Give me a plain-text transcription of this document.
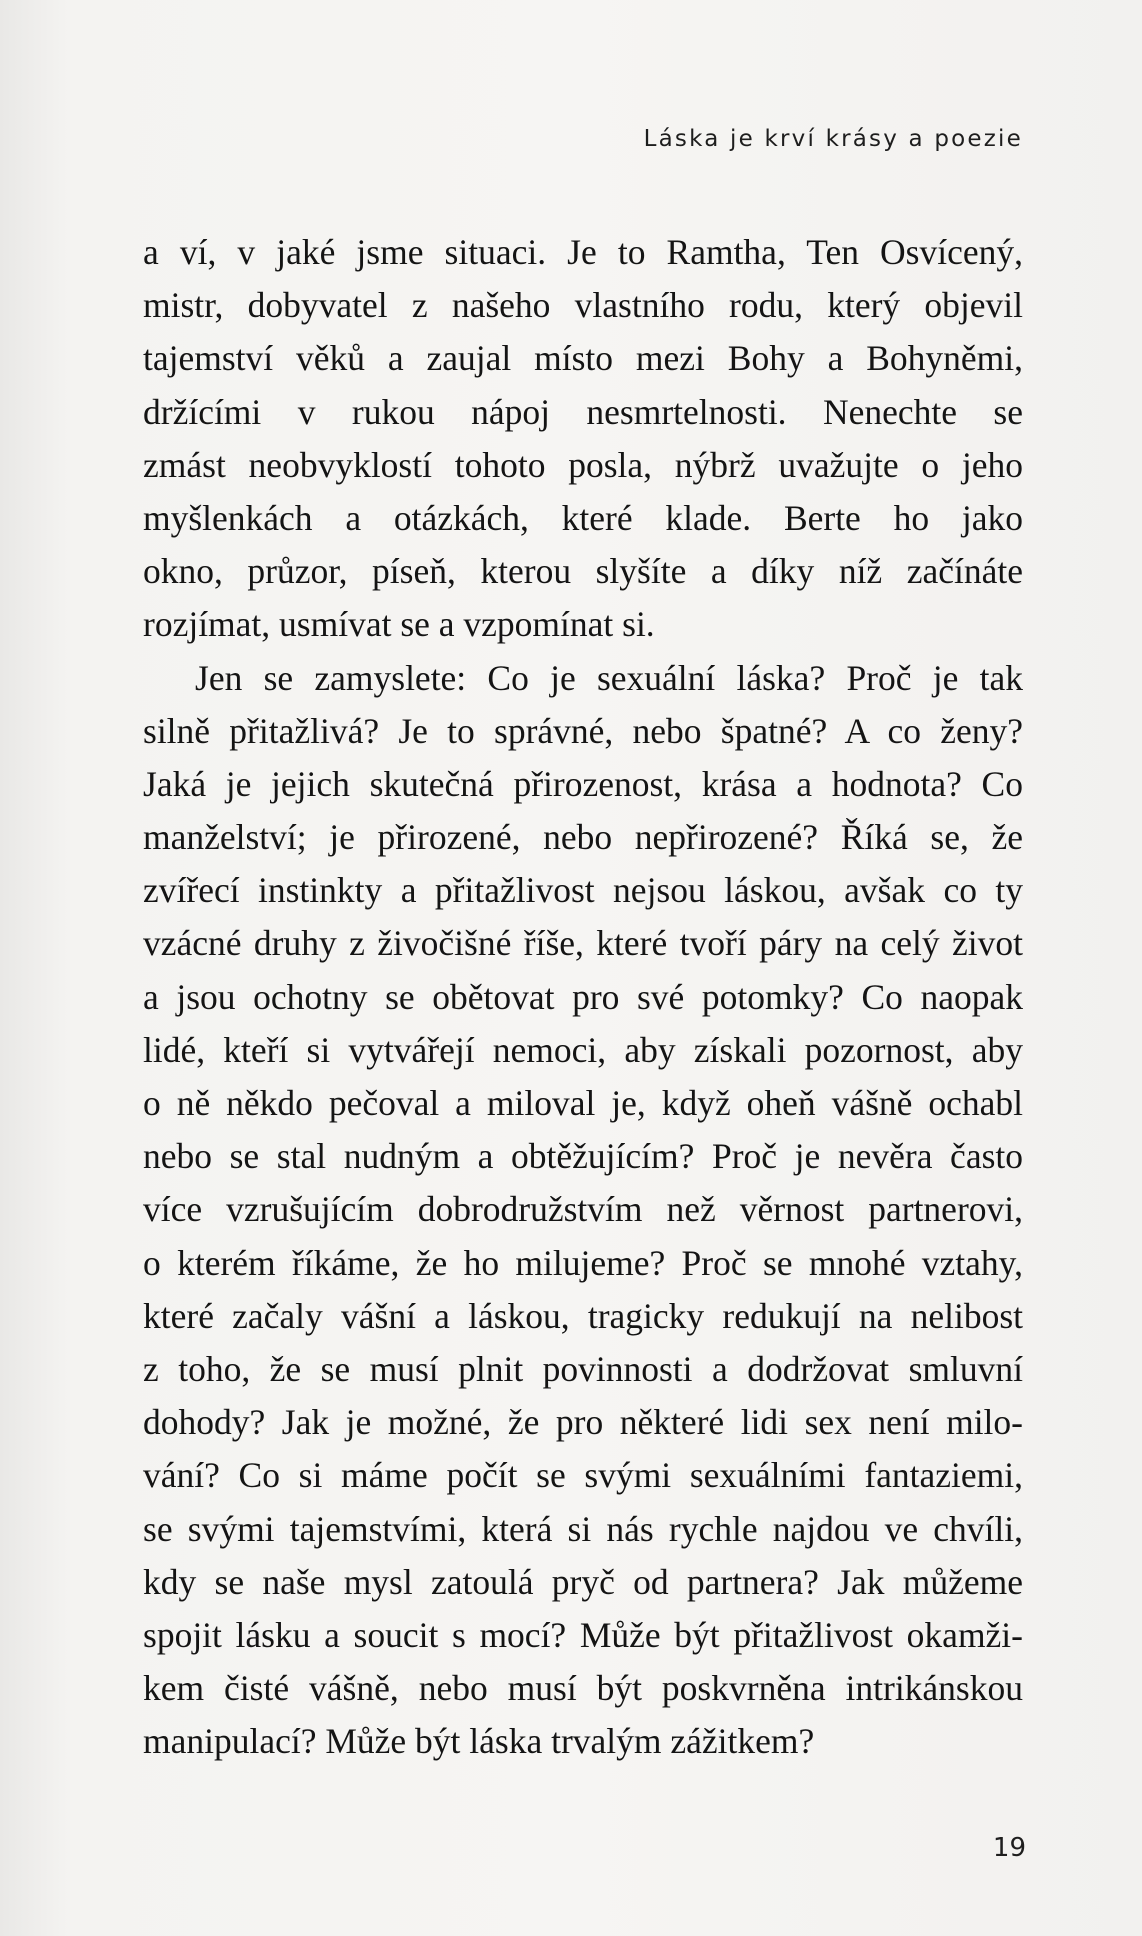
Láska je krví krásy a poezie
a ví, v jaké jsme situaci. Je to Ramtha, Ten Osvícený,
mistr, dobyvatel z našeho vlastního rodu, který objevil
tajemství věků a zaujal místo mezi Bohy a Bohyněmi,
držícími v rukou nápoj nesmrtelnosti. Nenechte se
zmást neobvyklostí tohoto posla, nýbrž uvažujte o jeho
myšlenkách a otázkách, které klade. Berte ho jako
okno, průzor, píseň, kterou slyšíte a díky níž začínáte
rozjímat, usmívat se a vzpomínat si.
Jen se zamyslete: Co je sexuální láska? Proč je tak
silně přitažlivá? Je to správné, nebo špatné? A co ženy?
Jaká je jejich skutečná přirozenost, krása a hodnota? Co
manželství; je přirozené, nebo nepřirozené? Říká se, že
zvířecí instinkty a přitažlivost nejsou láskou, avšak co ty
vzácné druhy z živočišné říše, které tvoří páry na celý život
a jsou ochotny se obětovat pro své potomky? Co naopak
lidé, kteří si vytvářejí nemoci, aby získali pozornost, aby
o ně někdo pečoval a miloval je, když oheň vášně ochabl
nebo se stal nudným a obtěžujícím? Proč je nevěra často
více vzrušujícím dobrodružstvím než věrnost partnerovi,
o kterém říkáme, že ho milujeme? Proč se mnohé vztahy,
které začaly vášní a láskou, tragicky redukují na nelibost
z toho, že se musí plnit povinnosti a dodržovat smluvní
dohody? Jak je možné, že pro některé lidi sex není milo-
vání? Co si máme počít se svými sexuálními fantaziemi,
se svými tajemstvími, která si nás rychle najdou ve chvíli,
kdy se naše mysl zatoulá pryč od partnera? Jak můžeme
spojit lásku a soucit s mocí? Může být přitažlivost okamži-
kem čisté vášně, nebo musí být poskvrněna intrikánskou
manipulací? Může být láska trvalým zážitkem?
19
